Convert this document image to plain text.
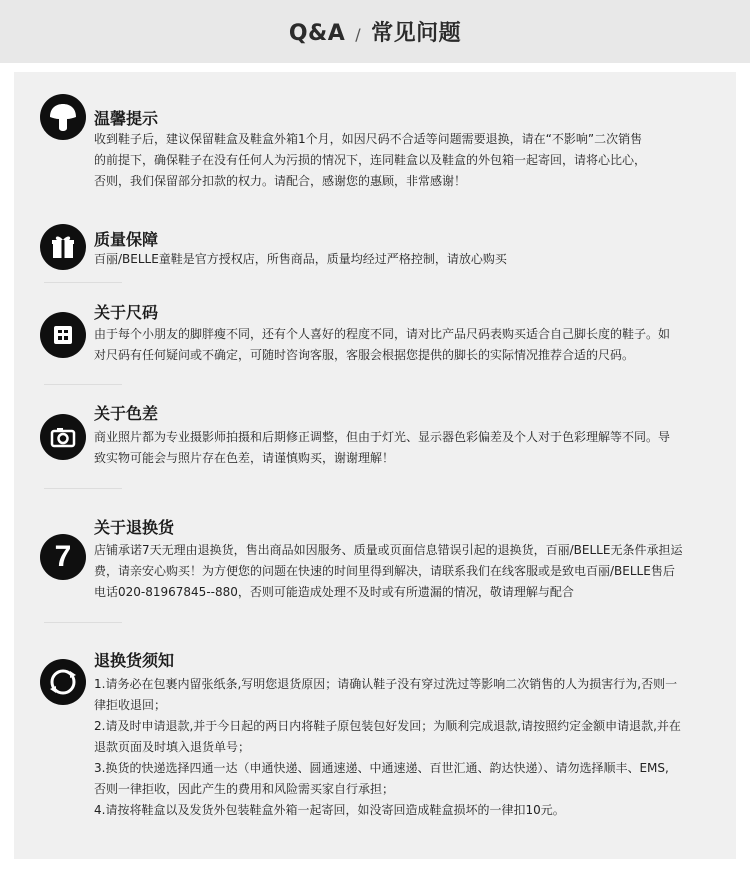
Q&A / 常见问题
温馨提示

收到鞋子后，建议保留鞋盒及鞋盒外箱1个月，如因尺码不合适等问题需要退换，请在“不影响”二次销售

的前提下，确保鞋子在没有任何人为污损的情况下，连同鞋盒以及鞋盒的外包箱一起寄回，请将心比心，

否则，我们保留部分扣款的权力。请配合，感谢您的惠顾，非常感谢！

质量保障

百丽/BELLE童鞋是官方授权店，所售商品，质量均经过严格控制，请放心购买

关于尺码

由于每个小朋友的脚胖瘦不同，还有个人喜好的程度不同，请对比产品尺码表购买适合自己脚长度的鞋子。如

对尺码有任何疑问或不确定，可随时咨询客服，客服会根据您提供的脚长的实际情况推荐合适的尺码。

关于色差

商业照片都为专业摄影师拍摄和后期修正调整，但由于灯光、显示器色彩偏差及个人对于色彩理解等不同。导

致实物可能会与照片存在色差，请谨慎购买，谢谢理解！

7
关于退换货

店铺承诺7天无理由退换货，售出商品如因服务、质量或页面信息错误引起的退换货，百丽/BELLE无条件承担运

费，请亲安心购买！为方便您的问题在快速的时间里得到解决，请联系我们在线客服或是致电百丽/BELLE售后

电话020-81967845--880，否则可能造成处理不及时或有所遗漏的情况，敬请理解与配合

退换货须知

1.请务必在包裹内留张纸条,写明您退货原因；请确认鞋子没有穿过洗过等影响二次销售的人为损害行为,否则一

律拒收退回；

2.请及时申请退款,并于今日起的两日内将鞋子原包装包好发回；为顺利完成退款,请按照约定金额申请退款,并在

退款页面及时填入退货单号；

3.换货的快递选择四通一达（申通快递、圆通速递、中通速递、百世汇通、韵达快递）、请勿选择顺丰、EMS,

否则一律拒收，因此产生的费用和风险需买家自行承担；

4.请按将鞋盒以及发货外包装鞋盒外箱一起寄回，如没寄回造成鞋盒损坏的一律扣10元。
